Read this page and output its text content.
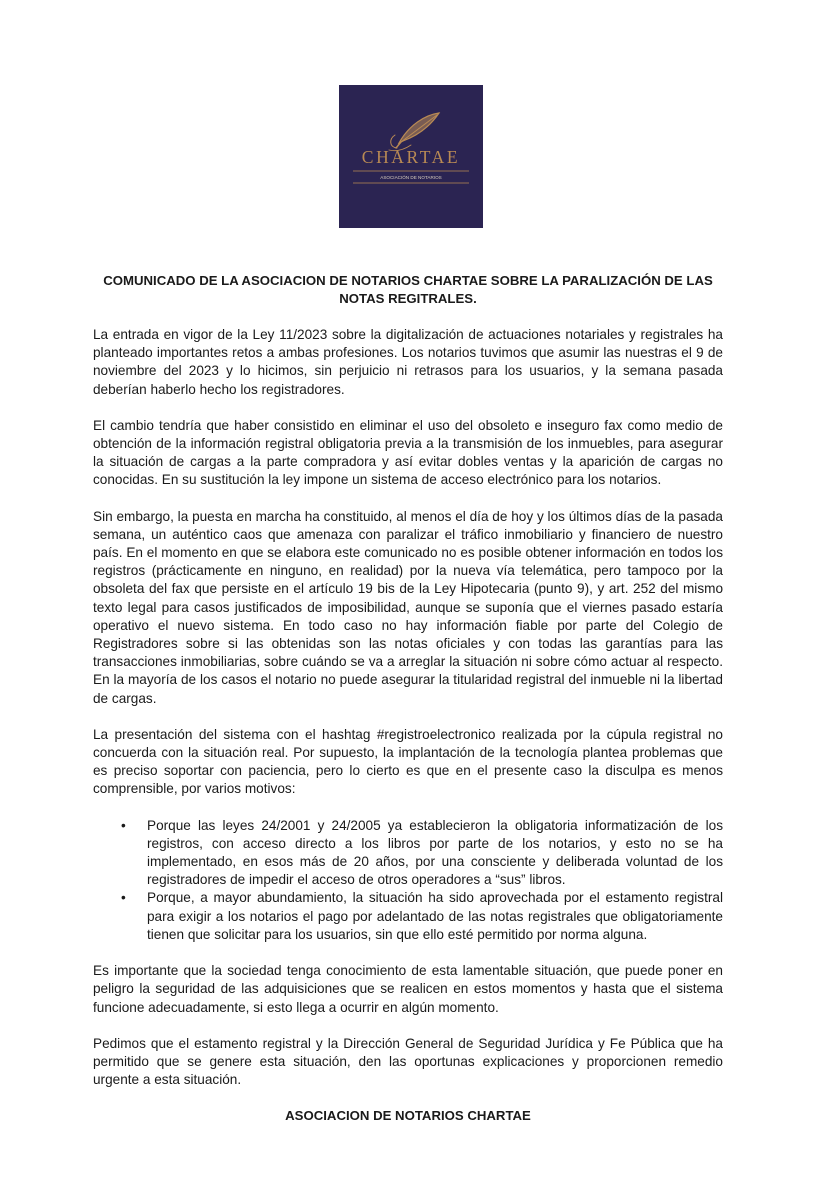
CHARTAE
ASOCIACIÓN DE NOTARIOS
COMUNICADO DE LA ASOCIACION DE NOTARIOS CHARTAE SOBRE LA PARALIZACIÓN DE LAS NOTAS REGITRALES.

La entrada en vigor de la Ley 11/2023 sobre la digitalización de actuaciones notariales y registrales ha planteado importantes retos a ambas profesiones. Los notarios tuvimos que asumir las nuestras el 9 de noviembre del 2023 y lo hicimos, sin perjuicio ni retrasos para los usuarios, y la semana pasada deberían haberlo hecho los registradores.

El cambio tendría que haber consistido en eliminar el uso del obsoleto e inseguro fax como medio de obtención de la información registral obligatoria previa a la transmisión de los inmuebles, para asegurar la situación de cargas a la parte compradora y así evitar dobles ventas y la aparición de cargas no conocidas. En su sustitución la ley impone un sistema de acceso electrónico para los notarios.

Sin embargo, la puesta en marcha ha constituido, al menos el día de hoy y los últimos días de la pasada semana, un auténtico caos que amenaza con paralizar el tráfico inmobiliario y financiero de nuestro país. En el momento en que se elabora este comunicado no es posible obtener información en todos los registros (prácticamente en ninguno, en realidad) por la nueva vía telemática, pero tampoco por la obsoleta del fax que persiste en el artículo 19 bis de la Ley Hipotecaria (punto 9), y art. 252 del mismo texto legal para casos justificados de imposibilidad, aunque se suponía que el viernes pasado estaría operativo el nuevo sistema. En todo caso no hay información fiable por parte del Colegio de Registradores sobre si las obtenidas son las notas oficiales y con todas las garantías para las transacciones inmobiliarias, sobre cuándo se va a arreglar la situación ni sobre cómo actuar al respecto. En la mayoría de los casos el notario no puede asegurar la titularidad registral del inmueble ni la libertad de cargas.

La presentación del sistema con el hashtag #registroelectronico realizada por la cúpula registral no concuerda con la situación real. Por supuesto, la implantación de la tecnología plantea problemas que es preciso soportar con paciencia, pero lo cierto es que en el presente caso la disculpa es menos comprensible, por varios motivos:

• Porque las leyes 24/2001 y 24/2005 ya establecieron la obligatoria informatización de los registros, con acceso directo a los libros por parte de los notarios, y esto no se ha implementado, en esos más de 20 años, por una consciente y deliberada voluntad de los registradores de impedir el acceso de otros operadores a “sus” libros.
• Porque, a mayor abundamiento, la situación ha sido aprovechada por el estamento registral para exigir a los notarios el pago por adelantado de las notas registrales que obligatoriamente tienen que solicitar para los usuarios, sin que ello esté permitido por norma alguna.

Es importante que la sociedad tenga conocimiento de esta lamentable situación, que puede poner en peligro la seguridad de las adquisiciones que se realicen en estos momentos y hasta que el sistema funcione adecuadamente, si esto llega a ocurrir en algún momento.

Pedimos que el estamento registral y la Dirección General de Seguridad Jurídica y Fe Pública que ha permitido que se genere esta situación, den las oportunas explicaciones y proporcionen remedio urgente a esta situación.

ASOCIACION DE NOTARIOS CHARTAE
